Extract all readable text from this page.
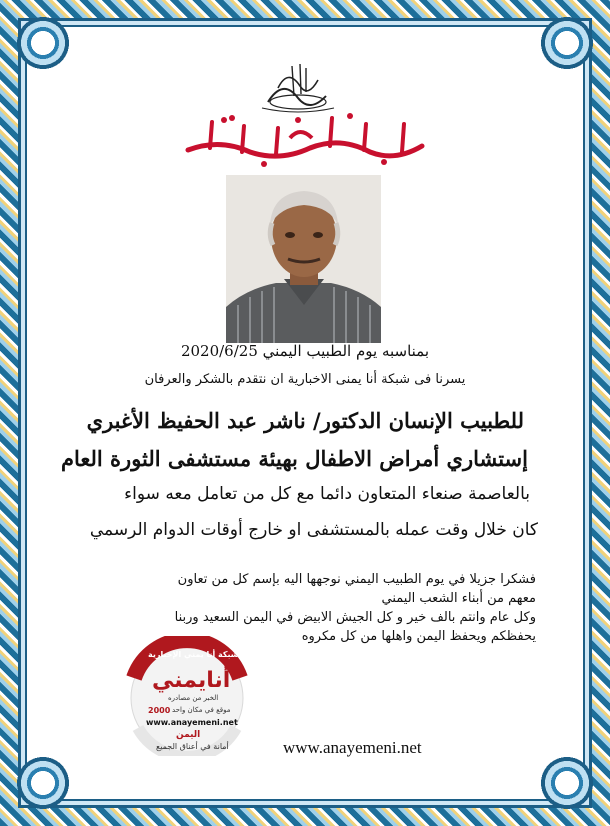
بمناسبه يوم الطبيب اليمني 2020/6/25
يسرنا فى شبكة أنا يمنى الاخبارية ان نتقدم بالشكر والعرفان
للطبيب الإنسان الدكتور/ ناشر عبد الحفيظ الأغبري
إستشاري أمراض الاطفال بهيئة مستشفى الثورة العام
بالعاصمة صنعاء المتعاون دائما مع كل من تعامل معه سواء
كان خلال وقت عمله بالمستشفى او خارج أوقات الدوام الرسمي
فشكرا جزيلا في يوم الطبيب اليمني نوجهها اليه بإسم كل من تعاون
معهم من أبناء الشعب اليمني
وكل عام وانتم بالف خير و كل الجيش الابيض في اليمن السعيد وربنا
يحفظكم ويحفظ اليمن واهلها من كل مكروه
شبكة أنا يمني الإخبارية
أنايمني
الخبر من مصادره
2000 موقع في مكان واحد
www.anayemeni.net
اليمن
أمانة في أعناق الجميع	www.anayemeni.net
